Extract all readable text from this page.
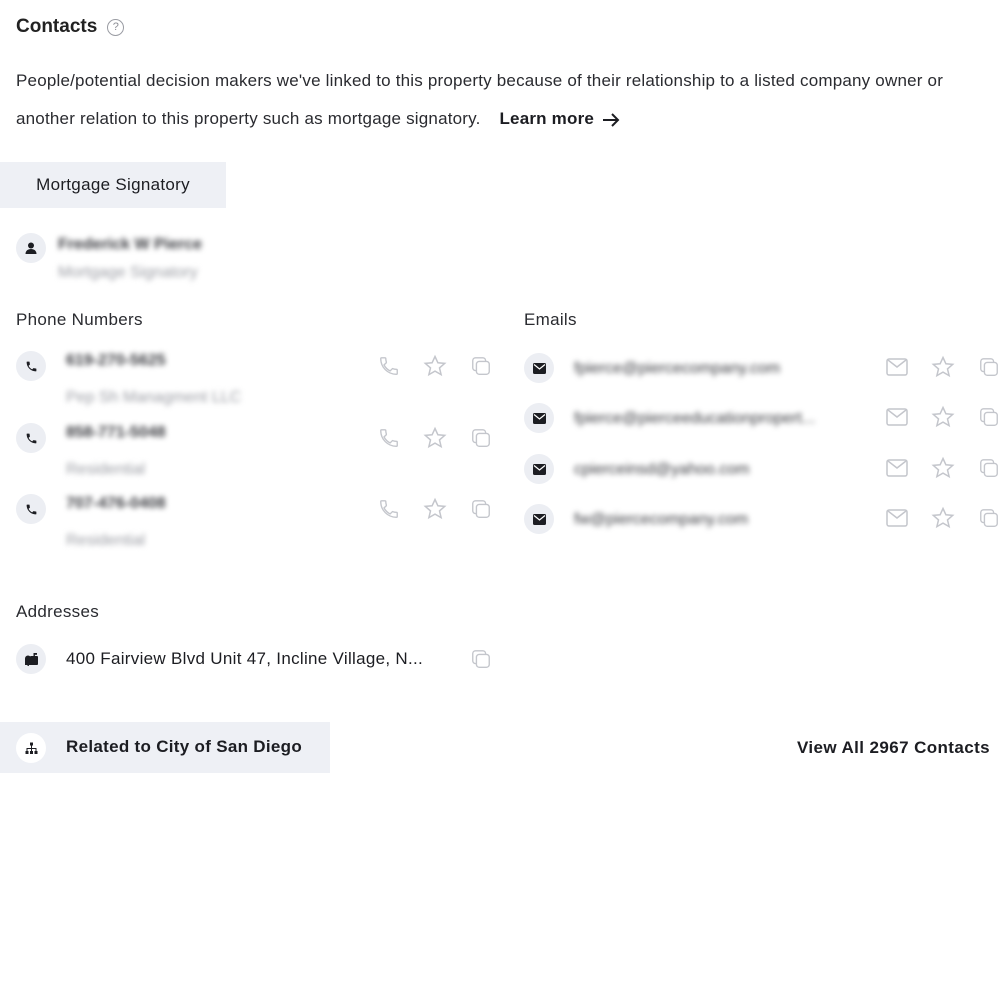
Contacts	?
People/potential decision makers we've linked to this property because of their relationship to a listed company owner or another relation to this property such as mortgage signatory. Learn more
Mortgage Signatory
Frederick W Pierce
Mortgage Signatory
Phone Numbers
619-270-5625
Pep Sh Managment LLC
858-771-5048
Residential
707-476-0408
Residential
Emails
fpierce@piercecompany.com
fpierce@pierceeducationpropert...
cpierceinsd@yahoo.com
fw@piercecompany.com
Addresses
400 Fairview Blvd Unit 47, Incline Village, N...
Related to City of San Diego	View All 2967 Contacts
